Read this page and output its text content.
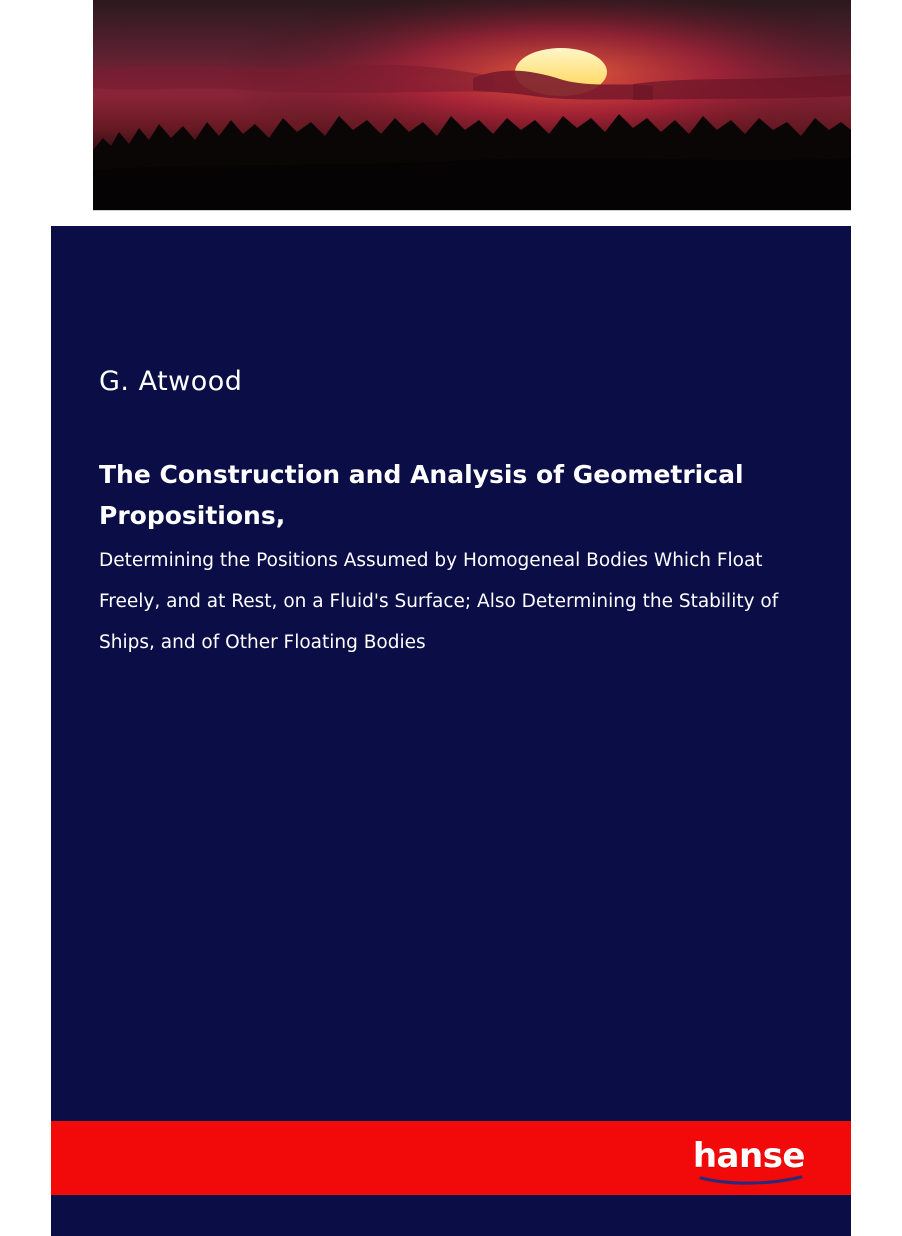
G. Atwood
The Construction and Analysis of Geometrical Propositions,

Determining the Positions Assumed by Homogeneal Bodies Which Float Freely, and at Rest, on a Fluid's Surface; Also Determining the Stability of Ships, and of Other Floating Bodies

hanse
